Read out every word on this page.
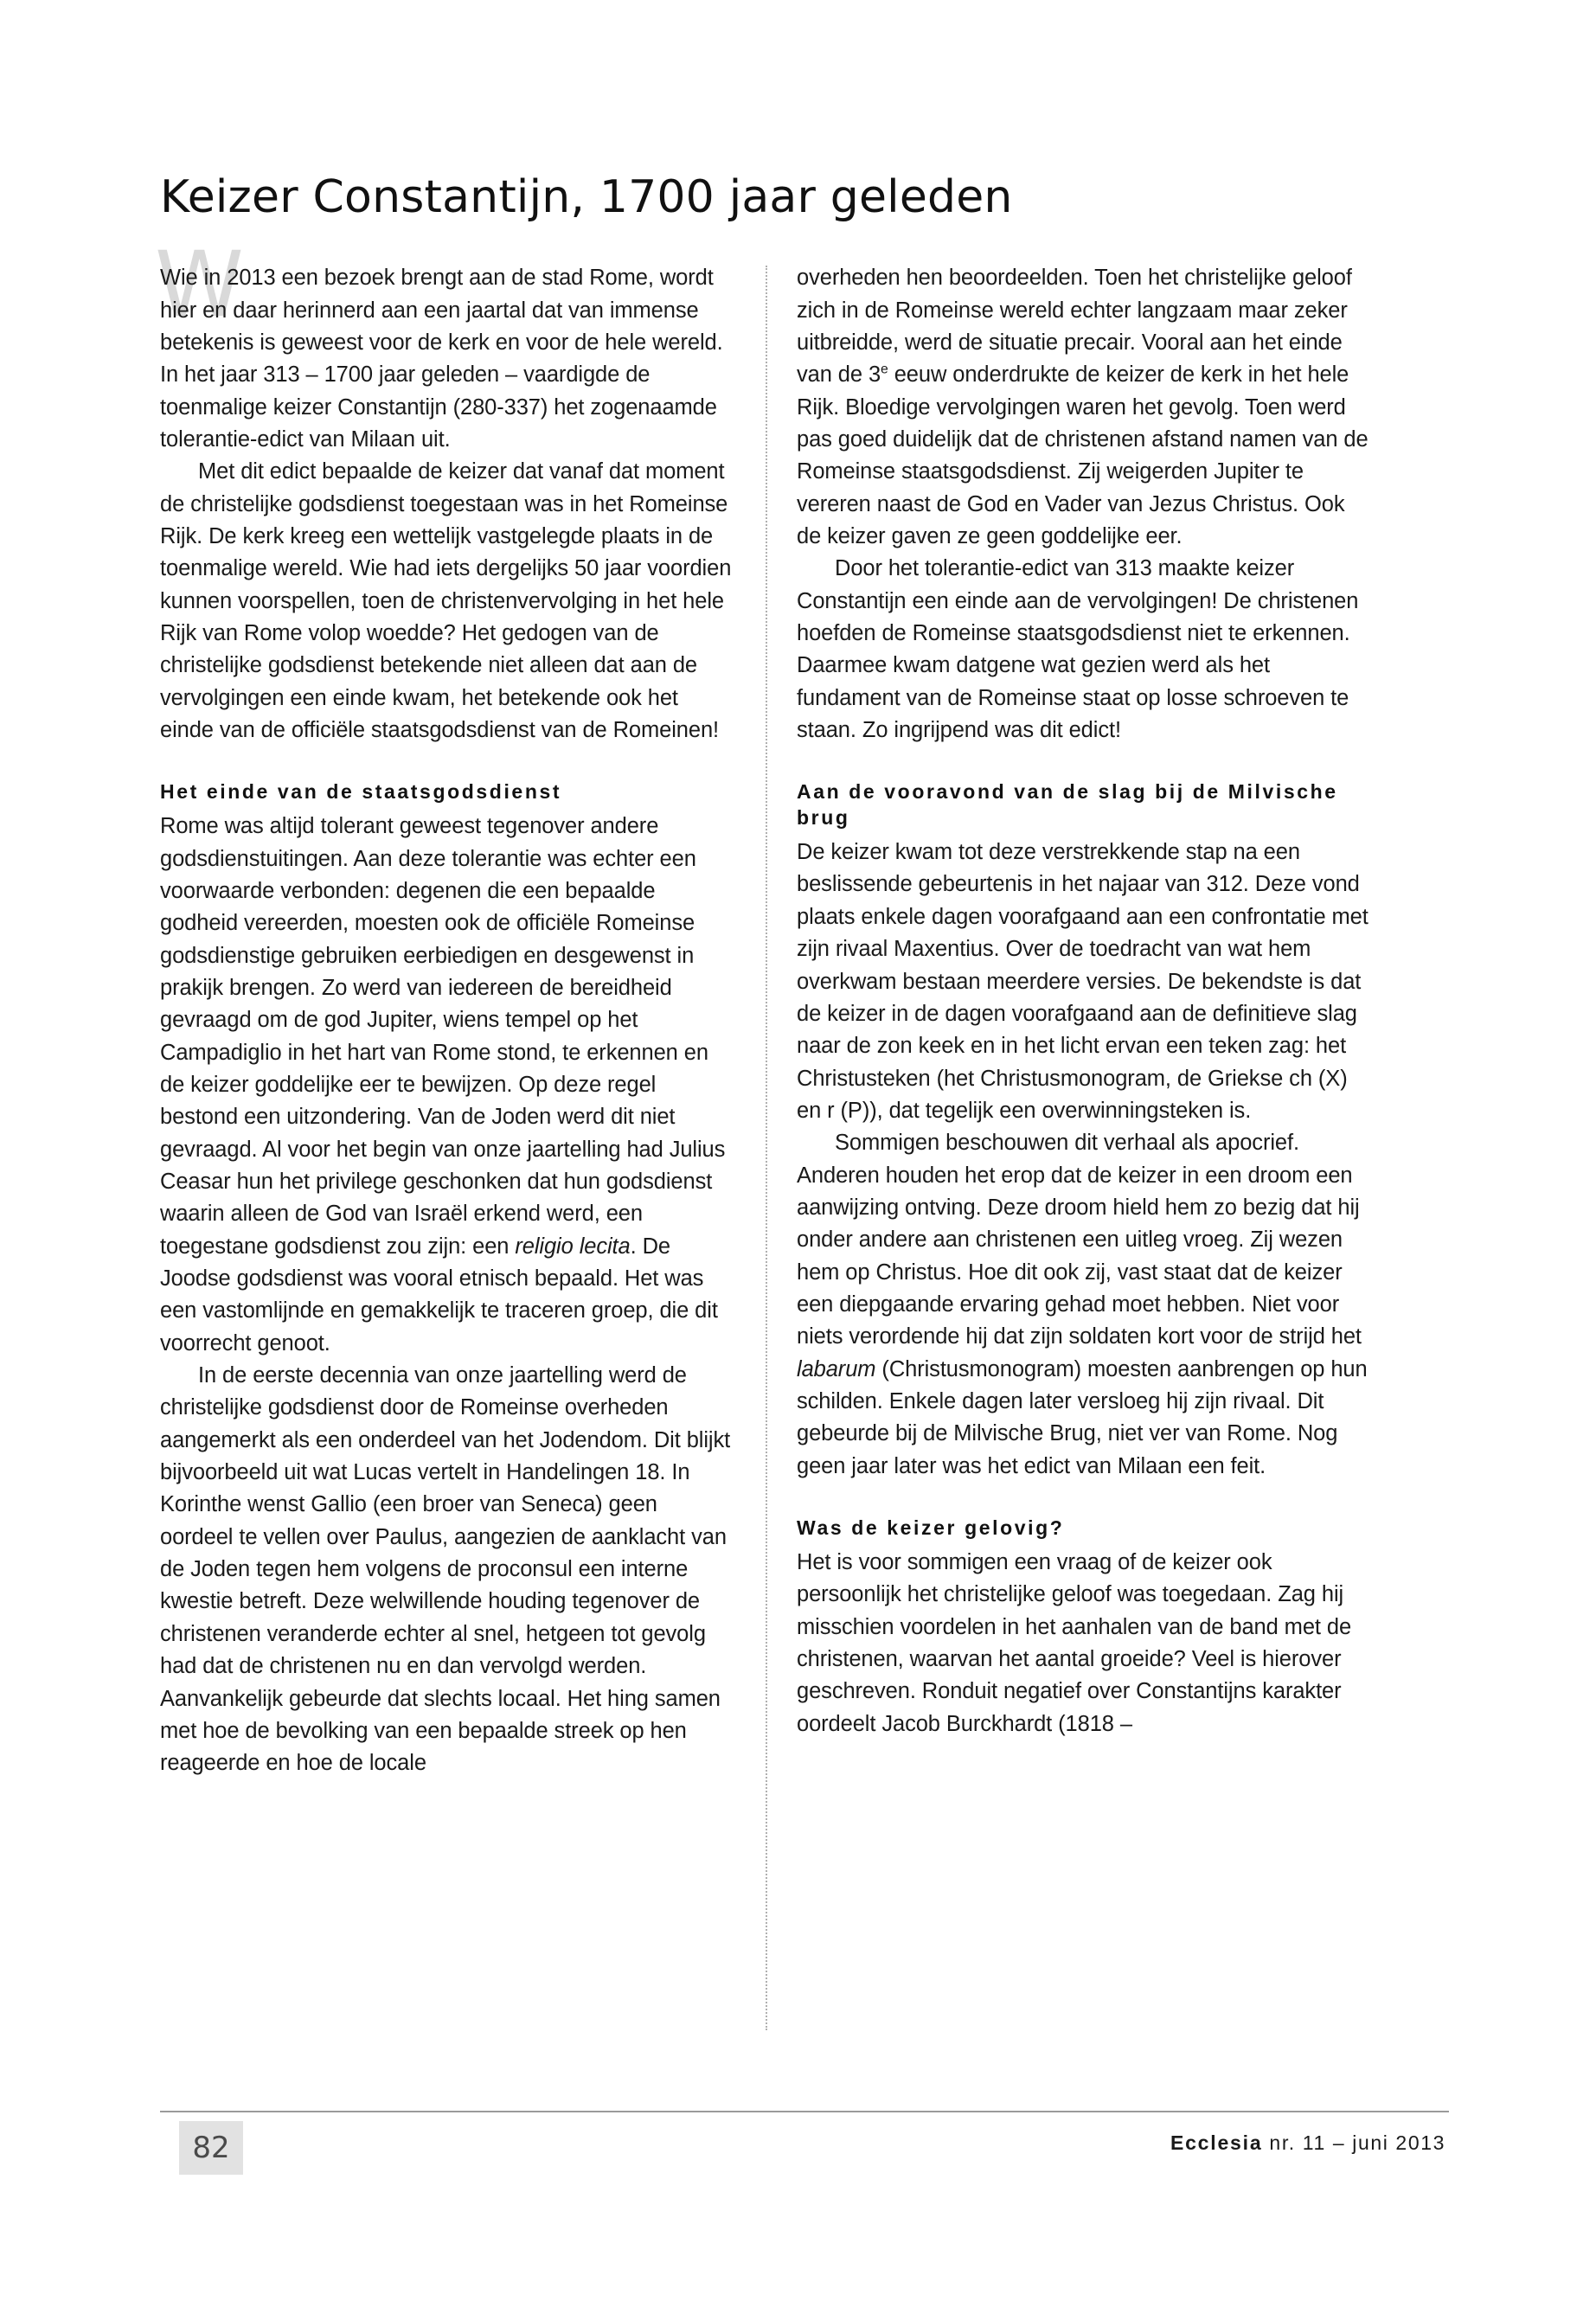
Keizer Constantijn, 1700 jaar geleden
W

Wie in 2013 een bezoek brengt aan de stad Rome, wordt hier en daar herinnerd aan een jaartal dat van immense betekenis is geweest voor de kerk en voor de hele wereld. In het jaar 313 – 1700 jaar geleden – vaardigde de toenmalige keizer Constantijn (280-337) het zogenaamde tolerantie-edict van Milaan uit.

Met dit edict bepaalde de keizer dat vanaf dat moment de christelijke godsdienst toegestaan was in het Romeinse Rijk. De kerk kreeg een wettelijk vastgelegde plaats in de toenmalige wereld. Wie had iets dergelijks 50 jaar voordien kunnen voorspellen, toen de christenvervolging in het hele Rijk van Rome volop woedde? Het gedogen van de christelijke godsdienst betekende niet alleen dat aan de vervolgingen een einde kwam, het betekende ook het einde van de officiële staatsgodsdienst van de Romeinen!

Het einde van de staatsgodsdienst

Rome was altijd tolerant geweest tegenover andere godsdienstuitingen. Aan deze tolerantie was echter een voorwaarde verbonden: degenen die een bepaalde godheid vereerden, moesten ook de officiële Romeinse godsdienstige gebruiken eerbiedigen en desgewenst in prakijk brengen. Zo werd van iedereen de bereidheid gevraagd om de god Jupiter, wiens tempel op het Campadiglio in het hart van Rome stond, te erkennen en de keizer goddelijke eer te bewijzen. Op deze regel bestond een uitzondering. Van de Joden werd dit niet gevraagd. Al voor het begin van onze jaartelling had Julius Ceasar hun het privilege geschonken dat hun godsdienst waarin alleen de God van Israël erkend werd, een toegestane godsdienst zou zijn: een religio lecita. De Joodse godsdienst was vooral etnisch bepaald. Het was een vastomlijnde en gemakkelijk te traceren groep, die dit voorrecht genoot.

In de eerste decennia van onze jaartelling werd de christelijke godsdienst door de Romeinse overheden aangemerkt als een onderdeel van het Jodendom. Dit blijkt bijvoorbeeld uit wat Lucas vertelt in Handelingen 18. In Korinthe wenst Gallio (een broer van Seneca) geen oordeel te vellen over Paulus, aangezien de aanklacht van de Joden tegen hem volgens de proconsul een interne kwestie betreft. Deze welwillende houding tegenover de christenen veranderde echter al snel, hetgeen tot gevolg had dat de christenen nu en dan vervolgd werden. Aanvankelijk gebeurde dat slechts locaal. Het hing samen met hoe de bevolking van een bepaalde streek op hen reageerde en hoe de locale

overheden hen beoordeelden. Toen het christelijke geloof zich in de Romeinse wereld echter langzaam maar zeker uitbreidde, werd de situatie precair. Vooral aan het einde van de 3e eeuw onderdrukte de keizer de kerk in het hele Rijk. Bloedige vervolgingen waren het gevolg. Toen werd pas goed duidelijk dat de christenen afstand namen van de Romeinse staatsgodsdienst. Zij weigerden Jupiter te vereren naast de God en Vader van Jezus Christus. Ook de keizer gaven ze geen goddelijke eer.

Door het tolerantie-edict van 313 maakte keizer Constantijn een einde aan de vervolgingen! De christenen hoefden de Romeinse staatsgodsdienst niet te erkennen. Daarmee kwam datgene wat gezien werd als het fundament van de Romeinse staat op losse schroeven te staan. Zo ingrijpend was dit edict!

Aan de vooravond van de slag bij de Milvische brug

De keizer kwam tot deze verstrekkende stap na een beslissende gebeurtenis in het najaar van 312. Deze vond plaats enkele dagen voorafgaand aan een confrontatie met zijn rivaal Maxentius. Over de toedracht van wat hem overkwam bestaan meerdere versies. De bekendste is dat de keizer in de dagen voorafgaand aan de definitieve slag naar de zon keek en in het licht ervan een teken zag: het Christusteken (het Christusmonogram, de Griekse ch (X) en r (P)), dat tegelijk een overwinningsteken is.

Sommigen beschouwen dit verhaal als apocrief. Anderen houden het erop dat de keizer in een droom een aanwijzing ontving. Deze droom hield hem zo bezig dat hij onder andere aan christenen een uitleg vroeg. Zij wezen hem op Christus. Hoe dit ook zij, vast staat dat de keizer een diepgaande ervaring gehad moet hebben. Niet voor niets verordende hij dat zijn soldaten kort voor de strijd het labarum (Christusmonogram) moesten aanbrengen op hun schilden. Enkele dagen later versloeg hij zijn rivaal. Dit gebeurde bij de Milvische Brug, niet ver van Rome. Nog geen jaar later was het edict van Milaan een feit.

Was de keizer gelovig?

Het is voor sommigen een vraag of de keizer ook persoonlijk het christelijke geloof was toegedaan. Zag hij misschien voordelen in het aanhalen van de band met de christenen, waarvan het aantal groeide? Veel is hierover geschreven. Ronduit negatief over Constantijns karakter oordeelt Jacob Burckhardt (1818 –

82	Ecclesia nr. 11 – juni 2013
